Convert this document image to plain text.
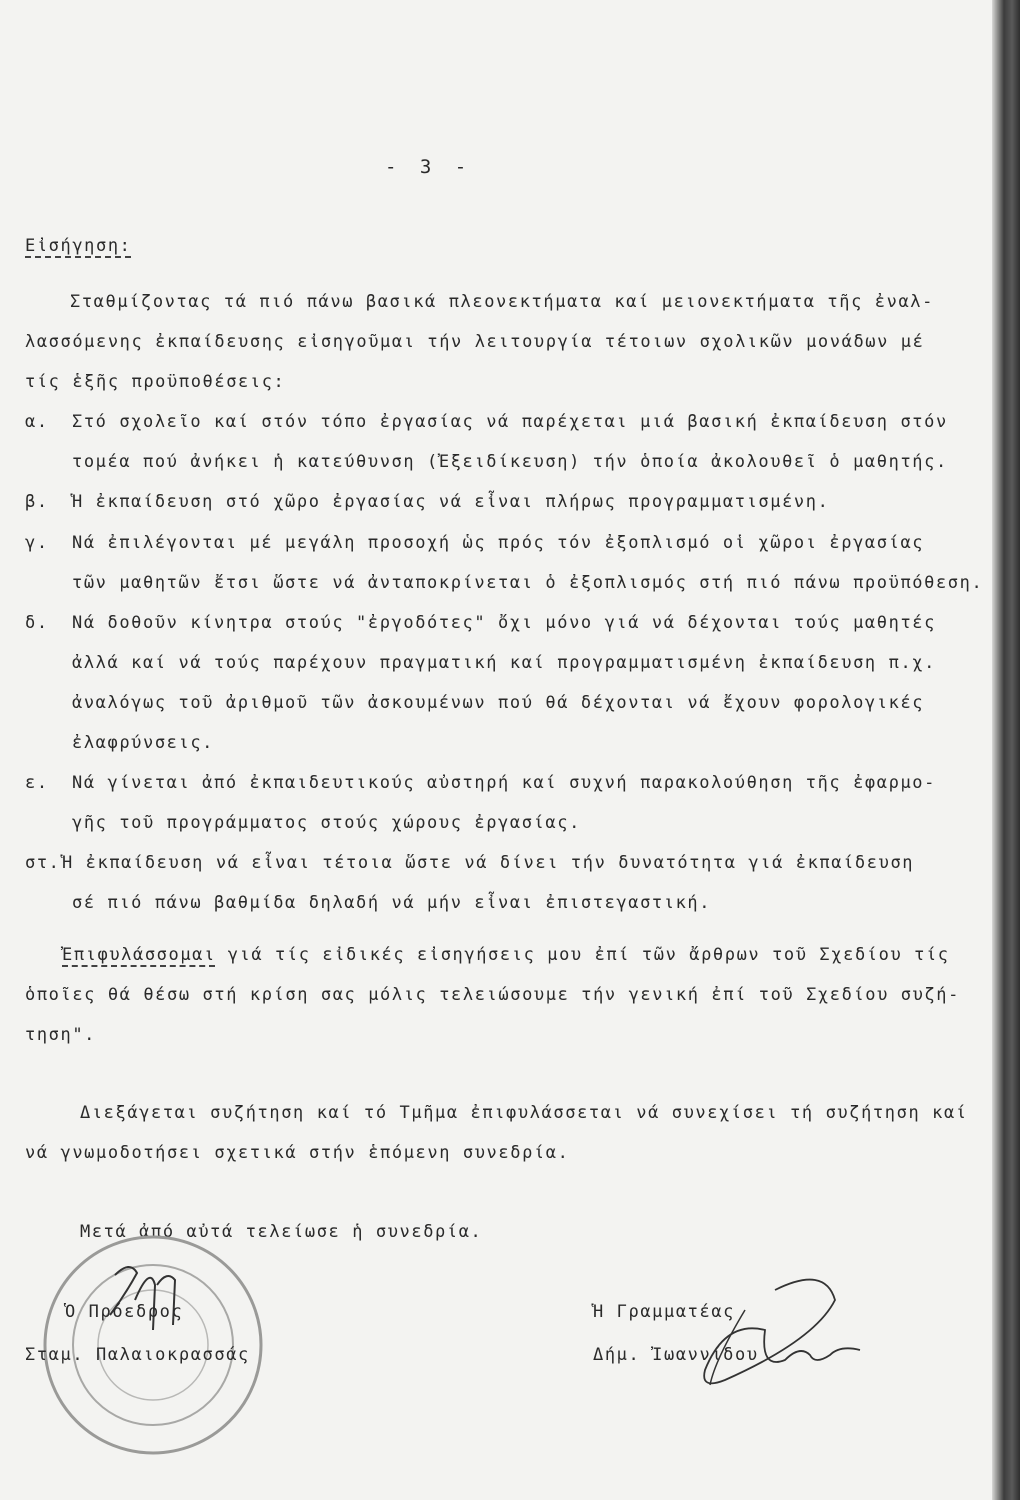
- 3 -
Εἰσήγηση:
Σταθμίζοντας τά πιό πάνω βασικά πλεονεκτήματα καί μειονεκτήματα τῆς ἐναλ-
λασσόμενης ἐκπαίδευσης εἰσηγοῦμαι τήν λειτουργία τέτοιων σχολικῶν μονάδων μέ
τίς ἑξῆς προϋποθέσεις:
α. Στό σχολεῖο καί στόν τόπο ἐργασίας νά παρέχεται μιά βασική ἐκπαίδευση στόν
τομέα πού ἀνήκει ἡ κατεύθυνση (Ἐξειδίκευση) τήν ὁποία ἀκολουθεῖ ὁ μαθητής.
β. Ἡ ἐκπαίδευση στό χῶρο ἐργασίας νά εἶναι πλήρως προγραμματισμένη.
γ. Νά ἐπιλέγονται μέ μεγάλη προσοχή ὡς πρός τόν ἐξοπλισμό οἱ χῶροι ἐργασίας
τῶν μαθητῶν ἔτσι ὥστε νά ἀνταποκρίνεται ὁ ἐξοπλισμός στή πιό πάνω προϋπόθεση.
δ. Νά δοθοῦν κίνητρα στούς "ἐργοδότες" ὄχι μόνο γιά νά δέχονται τούς μαθητές
ἀλλά καί νά τούς παρέχουν πραγματική καί προγραμματισμένη ἐκπαίδευση π.χ.
ἀναλόγως τοῦ ἀριθμοῦ τῶν ἀσκουμένων πού θά δέχονται νά ἔχουν φορολογικές
ἐλαφρύνσεις.
ε. Νά γίνεται ἀπό ἐκπαιδευτικούς αὐστηρή καί συχνή παρακολούθηση τῆς ἐφαρμο-
γῆς τοῦ προγράμματος στούς χώρους ἐργασίας.
στ. Ἡ ἐκπαίδευση νά εἶναι τέτοια ὥστε νά δίνει τήν δυνατότητα γιά ἐκπαίδευση
σέ πιό πάνω βαθμίδα δηλαδή νά μήν εἶναι ἐπιστεγαστική.
Ἐπιφυλάσσομαι γιά τίς εἰδικές εἰσηγήσεις μου ἐπί τῶν ἄρθρων τοῦ Σχεδίου τίς
ὁποῖες θά θέσω στή κρίση σας μόλις τελειώσουμε τήν γενική ἐπί τοῦ Σχεδίου συζή-
τηση".
Διεξάγεται συζήτηση καί τό Τμῆμα ἐπιφυλάσσεται νά συνεχίσει τή συζήτηση καί
νά γνωμοδοτήσει σχετικά στήν ἑπόμενη συνεδρία.
Μετά ἀπό αὐτά τελείωσε ἡ συνεδρία.
Ὁ Πρόεδρος
Σταμ. Παλαιοκρασσάς
Ἡ Γραμματέας
Δήμ. Ἰωαννίδου
